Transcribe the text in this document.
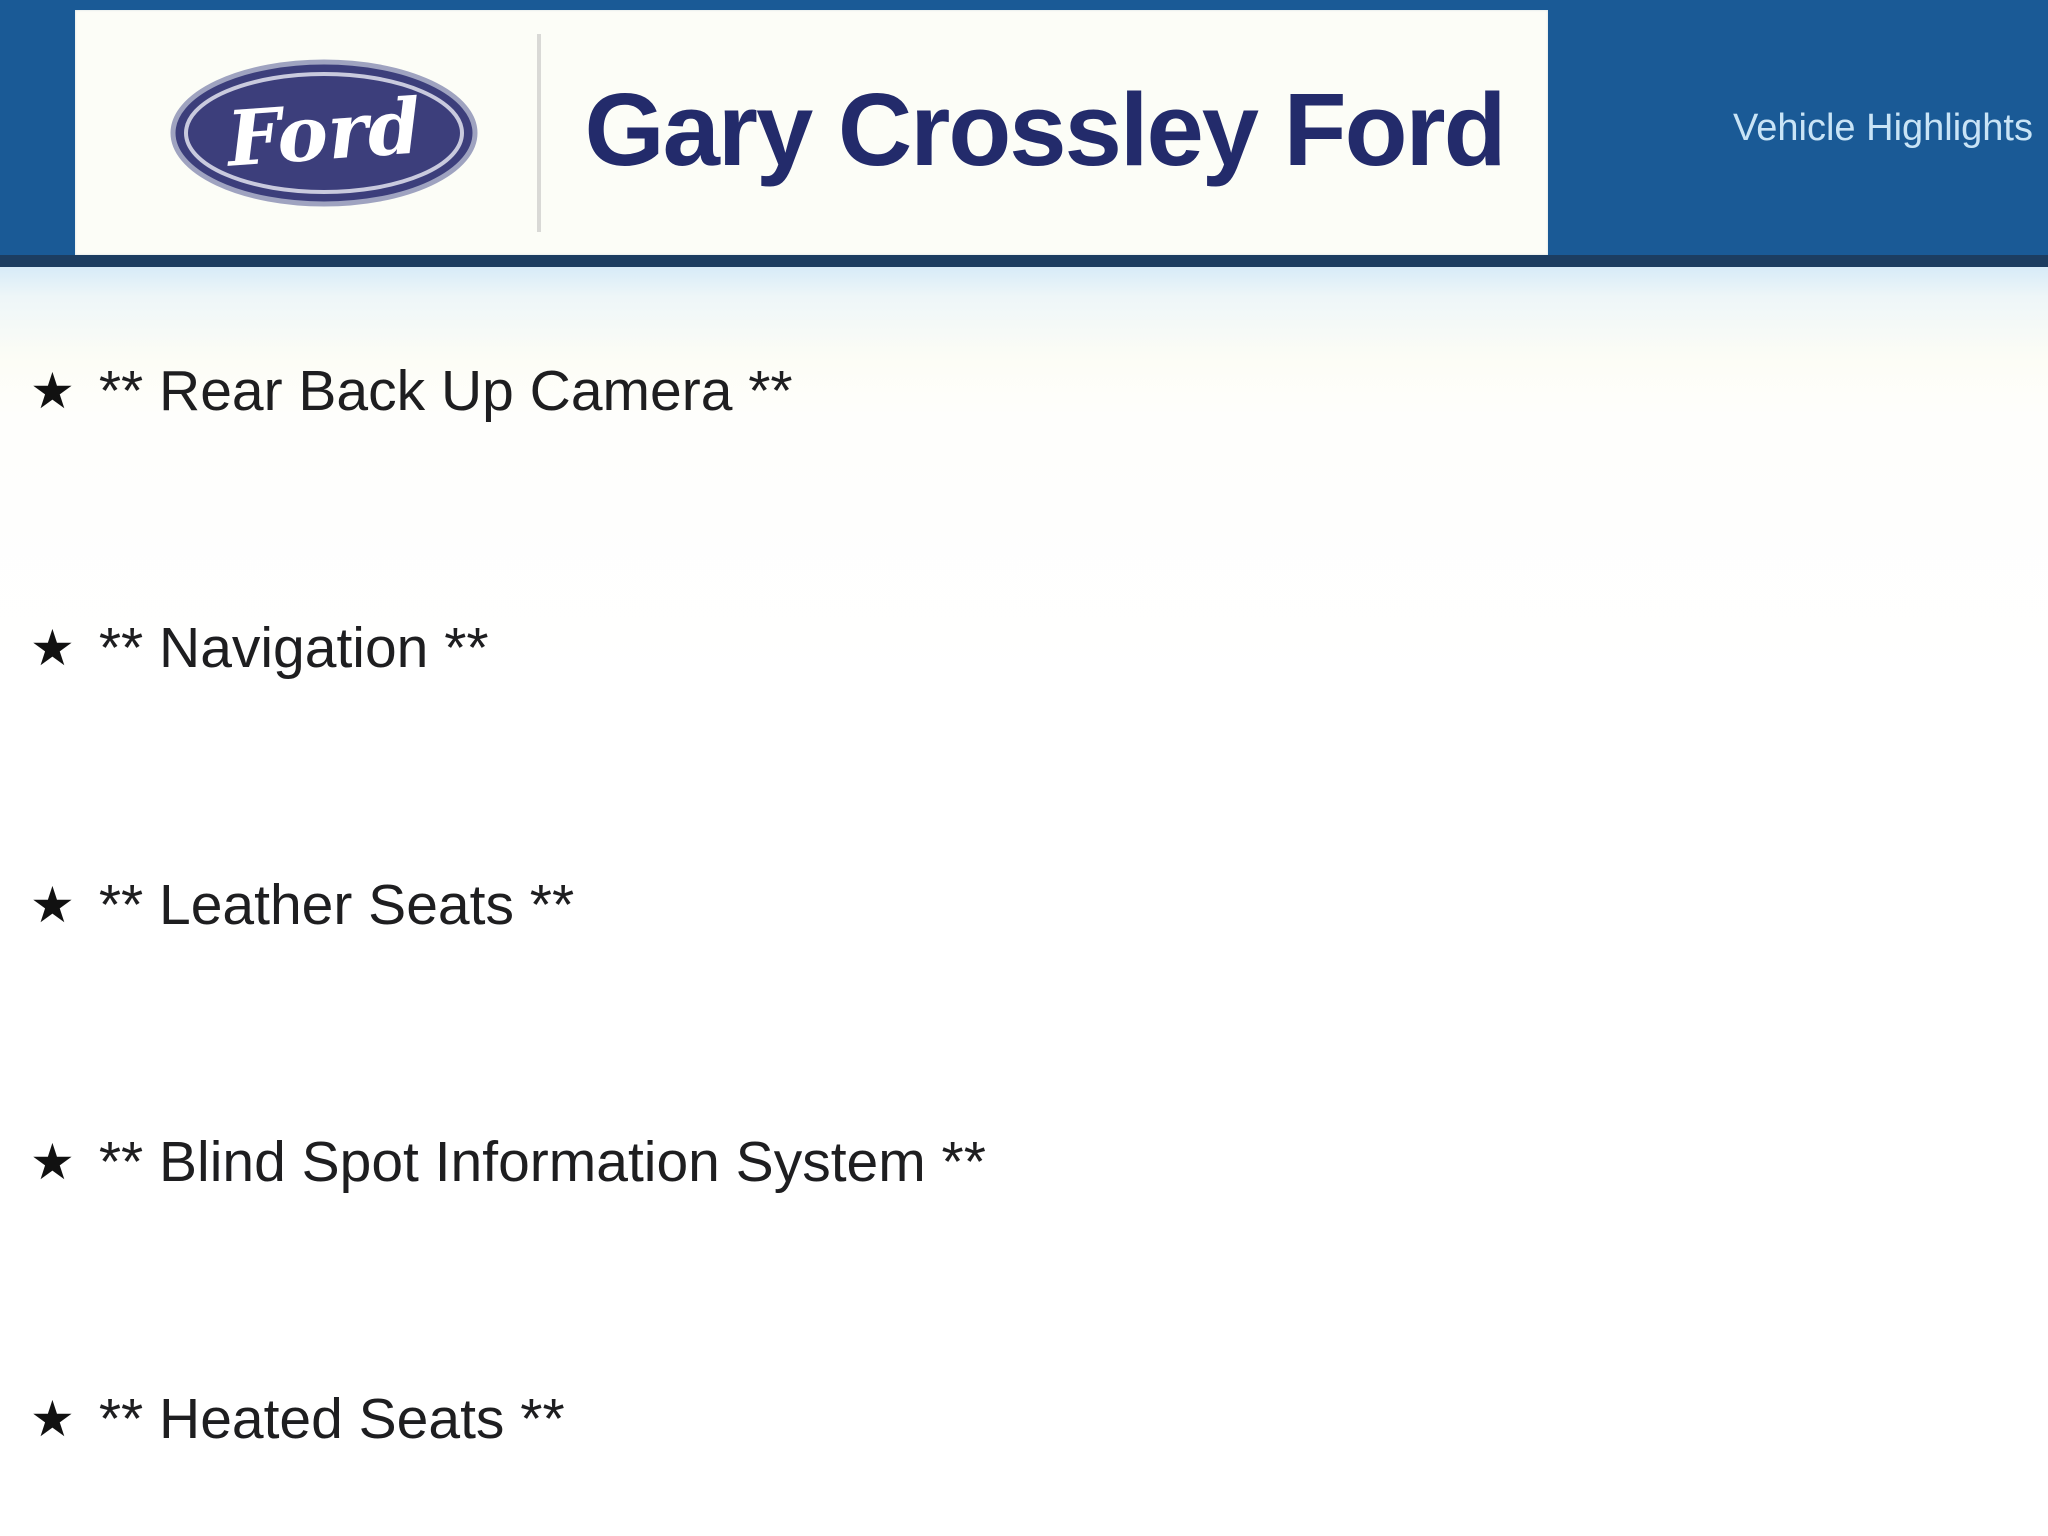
Ford	Gary Crossley Ford	Vehicle Highlights
★ ** Rear Back Up Camera **
★ ** Navigation **
★ ** Leather Seats **
★ ** Blind Spot Information System **
★ ** Heated Seats **
